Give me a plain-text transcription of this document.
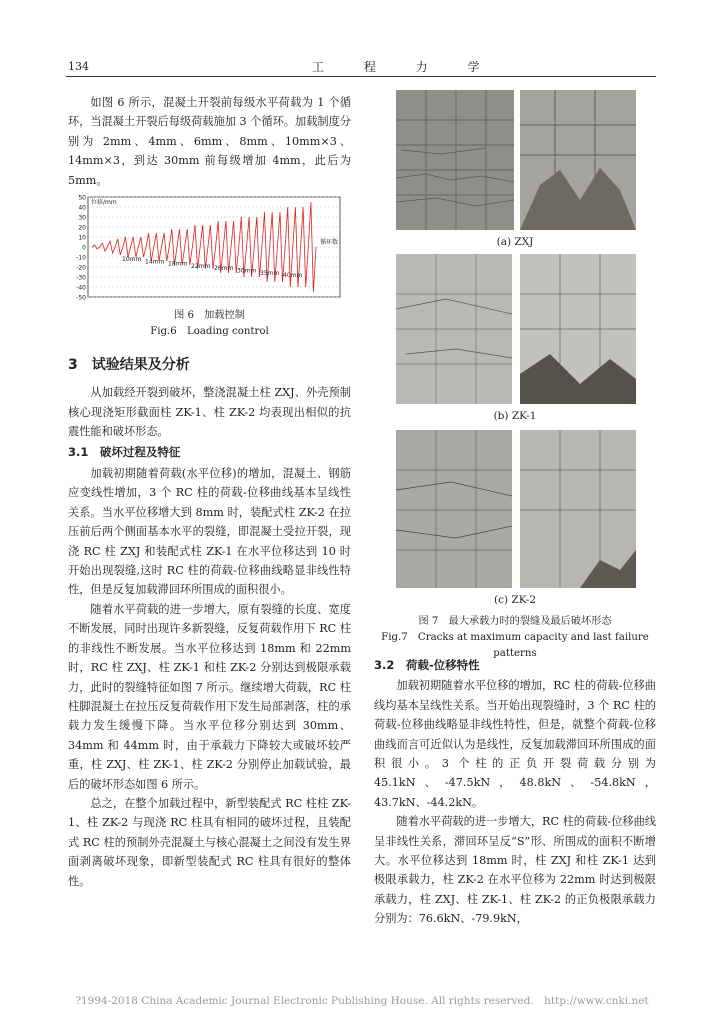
134	工 程 力 学

如图 6 所示，混凝土开裂前每级水平荷载为 1 个循环，当混凝土开裂后每级荷载施加 3 个循环。加载制度分别为 2mm、4mm、6mm、8mm、10mm×3、14mm×3，到达 30mm 前每级增加 4mm，此后为 5mm。

50
40
30
20
10
0
-10
-20
-30
-40
-50
位移/mm
循环数
10mm 14mm 18mm 22mm 26mm 30mm 35mm 40mm
图 6　加载控制
Fig.6　Loading control
3　试验结果及分析

从加载经开裂到破坏，整浇混凝土柱 ZXJ、外壳预制核心现浇矩形截面柱 ZK-1、柱 ZK-2 均表现出相似的抗震性能和破坏形态。

3.1　破坏过程及特征

加载初期随着荷载(水平位移)的增加，混凝土、钢筋应变线性增加，3 个 RC 柱的荷载-位移曲线基本呈线性关系。当水平位移增大到 8mm 时，装配式柱 ZK-2 在拉压前后两个侧面基本水平的裂缝，即混凝土受拉开裂，现浇 RC 柱 ZXJ 和装配式柱 ZK-1 在水平位移达到 10 时开始出现裂缝,这时 RC 柱的荷载-位移曲线略显非线性特性，但是反复加载滞回环所围成的面积很小。

随着水平荷载的进一步增大，原有裂缝的长度、宽度不断发展，同时出现许多新裂缝，反复荷载作用下 RC 柱的非线性不断发展。当水平位移达到 18mm 和 22mm 时，RC 柱 ZXJ、柱 ZK-1 和柱 ZK-2 分别达到极限承载力，此时的裂缝特征如图 7 所示。继续增大荷载，RC 柱柱脚混凝土在拉压反复荷载作用下发生局部剥落，柱的承载力发生缓慢下降。当水平位移分别达到 30mm、34mm 和 44mm 时，由于承载力下降较大或破坏较严重，柱 ZXJ、柱 ZK-1、柱 ZK-2 分别停止加载试验，最后的破坏形态如图 6 所示。

总之，在整个加载过程中，新型装配式 RC 柱柱 ZK-1、柱 ZK-2 与现浇 RC 柱具有相同的破坏过程，且装配式 RC 柱的预制外壳混凝土与核心混凝土之间没有发生界面剥离破坏现象，即新型装配式 RC 柱具有很好的整体性。

(a) ZXJ
(b) ZK-1
(c) ZK-2
图 7　最大承载力时的裂缝及最后破坏形态
Fig.7　Cracks at maximum capacity and last failure patterns
3.2　荷载-位移特性

加载初期随着水平位移的增加，RC 柱的荷载-位移曲线均基本呈线性关系。当开始出现裂缝时，3 个 RC 柱的荷载-位移曲线略显非线性特性，但是，就整个荷载-位移曲线而言可近似认为是线性，反复加载滞回环所围成的面积很小。3 个柱的正负开裂荷载分别为 45.1kN、-47.5kN，48.8kN、-54.8kN，43.7kN、-44.2kN。

随着水平荷载的进一步增大，RC 柱的荷载-位移曲线呈非线性关系，滞回环呈反“S”形、所围成的面积不断增大。水平位移达到 18mm 时，柱 ZXJ 和柱 ZK-1 达到极限承载力，柱 ZK-2 在水平位移为 22mm 时达到极限承载力，柱 ZXJ、柱 ZK-1、柱 ZK-2 的正负极限承载力分别为：76.6kN、-79.9kN，

?1994-2018 China Academic Journal Electronic Publishing House. All rights reserved.　http://www.cnki.net
